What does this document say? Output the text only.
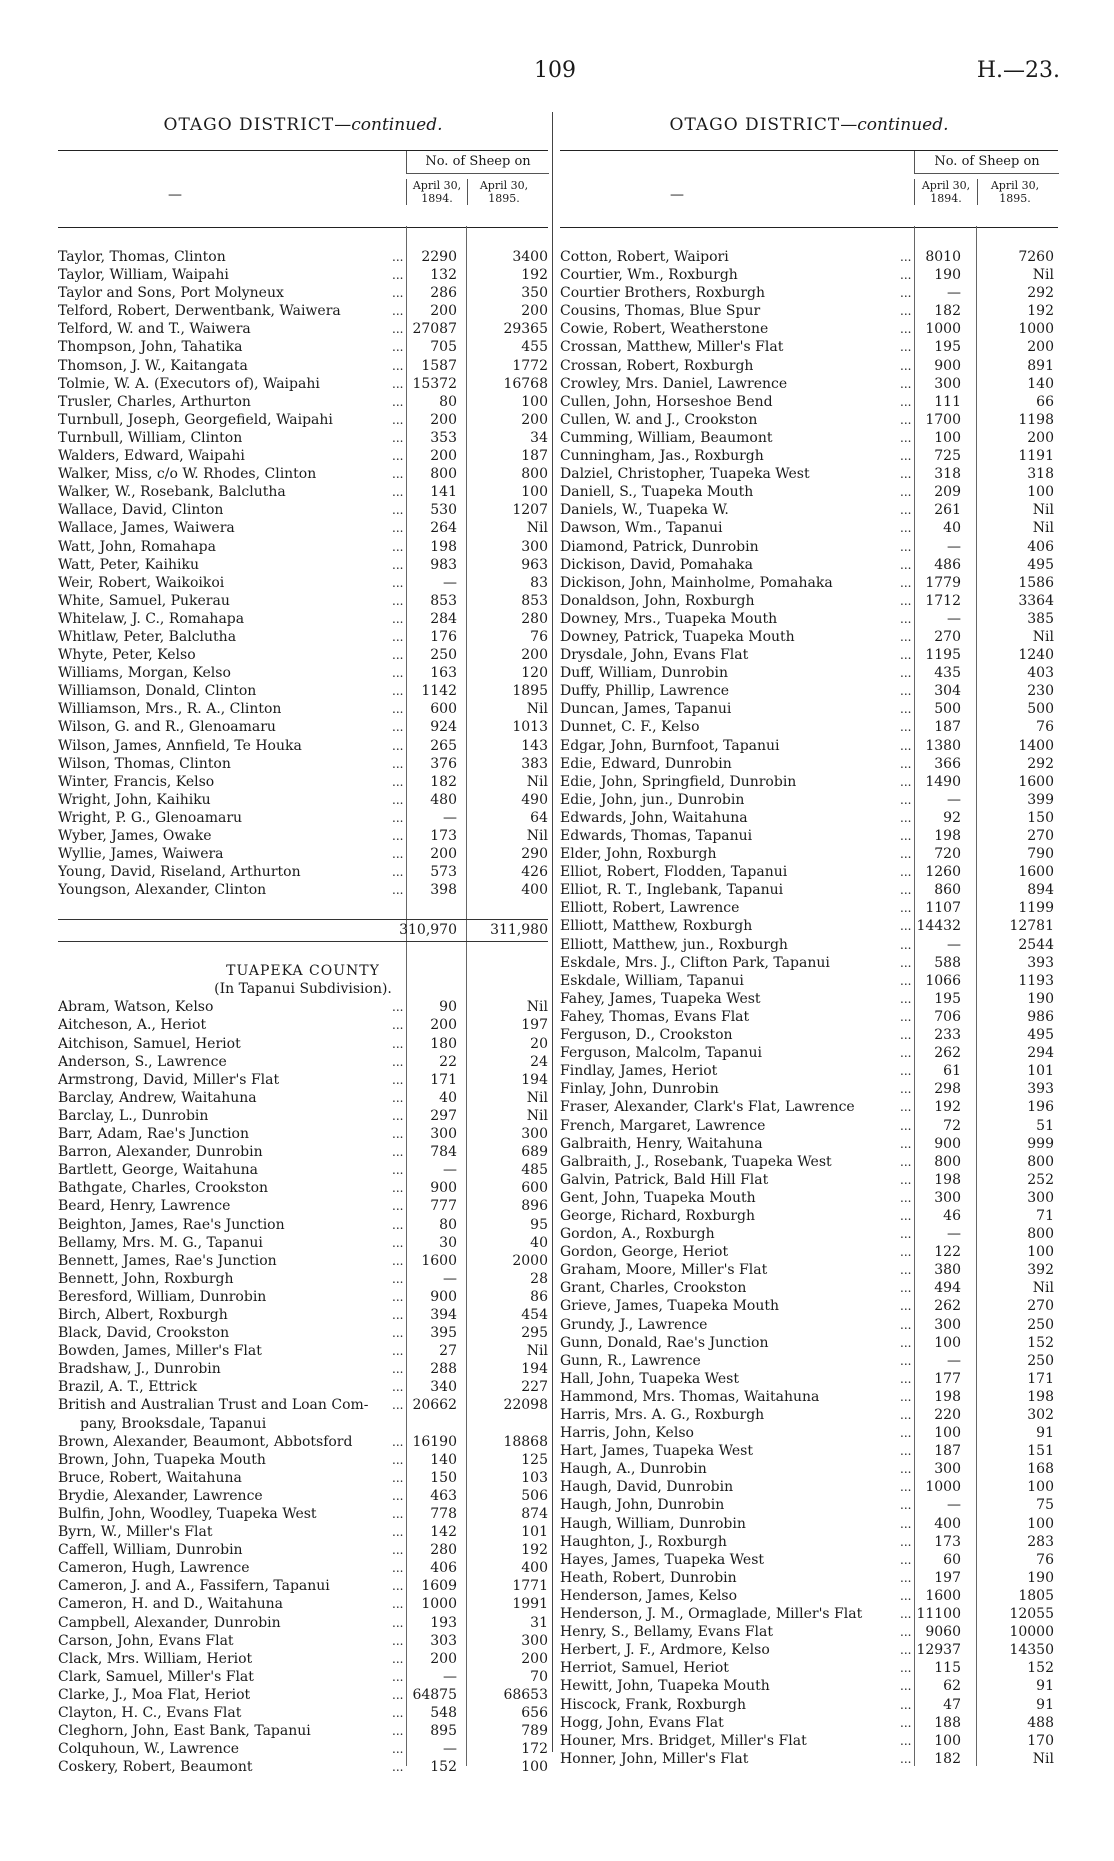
109	H.—23.
OTAGO DISTRICT—continued.
—
No. of Sheep on
April 30, 1894.
April 30, 1895.
Taylor, Thomas, Clinton	...	2290	3400
Taylor, William, Waipahi	...	132	192
Taylor and Sons, Port Molyneux	...	286	350
Telford, Robert, Derwentbank, Waiwera	...	200	200
Telford, W. and T., Waiwera	... 27087	29365
Thompson, John, Tahatika	...	705	455
Thomson, J. W., Kaitangata	...	1587	1772
Tolmie, W. A. (Executors of), Waipahi	... 15372	16768
Trusler, Charles, Arthurton	...	80	100
Turnbull, Joseph, Georgefield, Waipahi	...	200	200
Turnbull, William, Clinton	...	353	34
Walders, Edward, Waipahi	...	200	187
Walker, Miss, c/o W. Rhodes, Clinton	...	800	800
Walker, W., Rosebank, Balclutha	...	141	100
Wallace, David, Clinton	...	530	1207
Wallace, James, Waiwera	...	264	Nil
Watt, John, Romahapa	...	198	300
Watt, Peter, Kaihiku	...	983	963
Weir, Robert, Waikoikoi	...	—	83
White, Samuel, Pukerau	...	853	853
Whitelaw, J. C., Romahapa	...	284	280
Whitlaw, Peter, Balclutha	...	176	76
Whyte, Peter, Kelso	...	250	200
Williams, Morgan, Kelso	...	163	120
Williamson, Donald, Clinton	...	1142	1895
Williamson, Mrs., R. A., Clinton	...	600	Nil
Wilson, G. and R., Glenoamaru	...	924	1013
Wilson, James, Annfield, Te Houka	...	265	143
Wilson, Thomas, Clinton	...	376	383
Winter, Francis, Kelso	...	182	Nil
Wright, John, Kaihiku	...	480	490
Wright, P. G., Glenoamaru	...	—	64
Wyber, James, Owake	...	173	Nil
Wyllie, James, Waiwera	...	200	290
Young, David, Riseland, Arthurton	...	573	426
Youngson, Alexander, Clinton	...	398	400
310,970 311,980
TUAPEKA COUNTY
(In Tapanui Subdivision).
Abram, Watson, Kelso	...	90	Nil
Aitcheson, A., Heriot	...	200	197
Aitchison, Samuel, Heriot	...	180	20
Anderson, S., Lawrence	...	22	24
Armstrong, David, Miller's Flat	...	171	194
Barclay, Andrew, Waitahuna	...	40	Nil
Barclay, L., Dunrobin	...	297	Nil
Barr, Adam, Rae's Junction	...	300	300
Barron, Alexander, Dunrobin	...	784	689
Bartlett, George, Waitahuna	...	—	485
Bathgate, Charles, Crookston	...	900	600
Beard, Henry, Lawrence	...	777	896
Beighton, James, Rae's Junction	...	80	95
Bellamy, Mrs. M. G., Tapanui	...	30	40
Bennett, James, Rae's Junction	...	1600	2000
Bennett, John, Roxburgh	...	—	28
Beresford, William, Dunrobin	...	900	86
Birch, Albert, Roxburgh	...	394	454
Black, David, Crookston	...	395	295
Bowden, James, Miller's Flat	...	27	Nil
Bradshaw, J., Dunrobin	...	288	194
Brazil, A. T., Ettrick	...	340	227
British and Australian Trust and Loan Com-	... 20662	22098
pany, Brooksdale, Tapanui
Brown, Alexander, Beaumont, Abbotsford	... 16190	18868
Brown, John, Tuapeka Mouth	...	140	125
Bruce, Robert, Waitahuna	...	150	103
Brydie, Alexander, Lawrence	...	463	506
Bulfin, John, Woodley, Tuapeka West	...	778	874
Byrn, W., Miller's Flat	...	142	101
Caffell, William, Dunrobin	...	280	192
Cameron, Hugh, Lawrence	...	406	400
Cameron, J. and A., Fassifern, Tapanui	...	1609	1771
Cameron, H. and D., Waitahuna	...	1000	1991
Campbell, Alexander, Dunrobin	...	193	31
Carson, John, Evans Flat	...	303	300
Clack, Mrs. William, Heriot	...	200	200
Clark, Samuel, Miller's Flat	...	—	70
Clarke, J., Moa Flat, Heriot	... 64875	68653
Clayton, H. C., Evans Flat	...	548	656
Cleghorn, John, East Bank, Tapanui	...	895	789
Colquhoun, W., Lawrence	...	—	172
Coskery, Robert, Beaumont	...	152	100
OTAGO DISTRICT—continued.
—
No. of Sheep on
April 30, 1894.
April 30, 1895.
Cotton, Robert, Waipori	... 8010	7260
Courtier, Wm., Roxburgh	...	190	Nil
Courtier Brothers, Roxburgh	...	—	292
Cousins, Thomas, Blue Spur	...	182	192
Cowie, Robert, Weatherstone	... 1000	1000
Crossan, Matthew, Miller's Flat	...	195	200
Crossan, Robert, Roxburgh	...	900	891
Crowley, Mrs. Daniel, Lawrence	...	300	140
Cullen, John, Horseshoe Bend	...	111	66
Cullen, W. and J., Crookston	... 1700	1198
Cumming, William, Beaumont	...	100	200
Cunningham, Jas., Roxburgh	...	725	1191
Dalziel, Christopher, Tuapeka West	...	318	318
Daniell, S., Tuapeka Mouth	...	209	100
Daniels, W., Tuapeka W.	...	261	Nil
Dawson, Wm., Tapanui	...	40	Nil
Diamond, Patrick, Dunrobin	...	—	406
Dickison, David, Pomahaka	...	486	495
Dickison, John, Mainholme, Pomahaka	... 1779	1586
Donaldson, John, Roxburgh	... 1712	3364
Downey, Mrs., Tuapeka Mouth	...	—	385
Downey, Patrick, Tuapeka Mouth	...	270	Nil
Drysdale, John, Evans Flat	... 1195	1240
Duff, William, Dunrobin	...	435	403
Duffy, Phillip, Lawrence	...	304	230
Duncan, James, Tapanui	...	500	500
Dunnet, C. F., Kelso	...	187	76
Edgar, John, Burnfoot, Tapanui	... 1380	1400
Edie, Edward, Dunrobin	...	366	292
Edie, John, Springfield, Dunrobin	... 1490	1600
Edie, John, jun., Dunrobin	...	—	399
Edwards, John, Waitahuna	...	92	150
Edwards, Thomas, Tapanui	...	198	270
Elder, John, Roxburgh	...	720	790
Elliot, Robert, Flodden, Tapanui	... 1260	1600
Elliot, R. T., Inglebank, Tapanui	...	860	894
Elliott, Robert, Lawrence	... 1107	1199
Elliott, Matthew, Roxburgh	... 14432	12781
Elliott, Matthew, jun., Roxburgh	...	—	2544
Eskdale, Mrs. J., Clifton Park, Tapanui	...	588	393
Eskdale, William, Tapanui	... 1066	1193
Fahey, James, Tuapeka West	...	195	190
Fahey, Thomas, Evans Flat	...	706	986
Ferguson, D., Crookston	...	233	495
Ferguson, Malcolm, Tapanui	...	262	294
Findlay, James, Heriot	...	61	101
Finlay, John, Dunrobin	...	298	393
Fraser, Alexander, Clark's Flat, Lawrence	...	192	196
French, Margaret, Lawrence	...	72	51
Galbraith, Henry, Waitahuna	...	900	999
Galbraith, J., Rosebank, Tuapeka West	...	800	800
Galvin, Patrick, Bald Hill Flat	...	198	252
Gent, John, Tuapeka Mouth	...	300	300
George, Richard, Roxburgh	...	46	71
Gordon, A., Roxburgh	...	—	800
Gordon, George, Heriot	...	122	100
Graham, Moore, Miller's Flat	...	380	392
Grant, Charles, Crookston	...	494	Nil
Grieve, James, Tuapeka Mouth	...	262	270
Grundy, J., Lawrence	...	300	250
Gunn, Donald, Rae's Junction	...	100	152
Gunn, R., Lawrence	...	—	250
Hall, John, Tuapeka West	...	177	171
Hammond, Mrs. Thomas, Waitahuna	...	198	198
Harris, Mrs. A. G., Roxburgh	...	220	302
Harris, John, Kelso	...	100	91
Hart, James, Tuapeka West	...	187	151
Haugh, A., Dunrobin	...	300	168
Haugh, David, Dunrobin	... 1000	100
Haugh, John, Dunrobin	...	—	75
Haugh, William, Dunrobin	...	400	100
Haughton, J., Roxburgh	...	173	283
Hayes, James, Tuapeka West	...	60	76
Heath, Robert, Dunrobin	...	197	190
Henderson, James, Kelso	... 1600	1805
Henderson, J. M., Ormaglade, Miller's Flat	... 11100	12055
Henry, S., Bellamy, Evans Flat	... 9060	10000
Herbert, J. F., Ardmore, Kelso	... 12937	14350
Herriot, Samuel, Heriot	...	115	152
Hewitt, John, Tuapeka Mouth	...	62	91
Hiscock, Frank, Roxburgh	...	47	91
Hogg, John, Evans Flat	...	188	488
Houner, Mrs. Bridget, Miller's Flat	...	100	170
Honner, John, Miller's Flat	...	182	Nil
